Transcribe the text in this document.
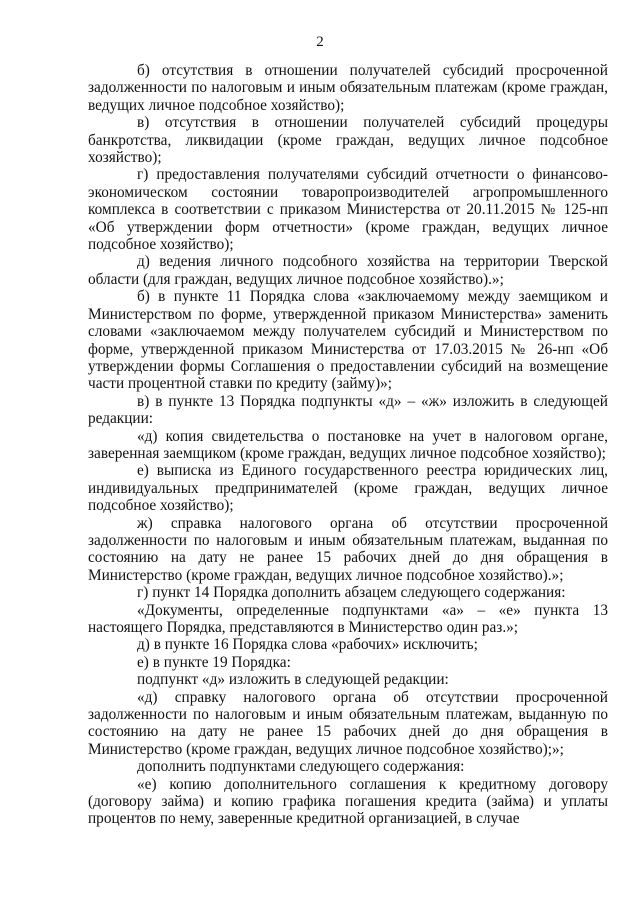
2

б) отсутствия в отношении получателей субсидий просроченной задолженности по налоговым и иным обязательным платежам (кроме граждан, ведущих личное подсобное хозяйство);

в) отсутствия в отношении получателей субсидий процедуры банкротства, ликвидации (кроме граждан, ведущих личное подсобное хозяйство);

г) предоставления получателями субсидий отчетности о финансово-экономическом состоянии товаропроизводителей агропромышленного комплекса в соответствии с приказом Министерства от 20.11.2015 № 125-нп «Об утверждении форм отчетности» (кроме граждан, ведущих личное подсобное хозяйство);

д) ведения личного подсобного хозяйства на территории Тверской области (для граждан, ведущих личное подсобное хозяйство).»;

б) в пункте 11 Порядка слова «заключаемому между заемщиком и Министерством по форме, утвержденной приказом Министерства» заменить словами «заключаемом между получателем субсидий и Министерством по форме, утвержденной приказом Министерства от 17.03.2015 № 26-нп «Об утверждении формы Соглашения о предоставлении субсидий на возмещение части процентной ставки по кредиту (займу)»;

в) в пункте 13 Порядка подпункты «д» – «ж» изложить в следующей редакции:

«д) копия свидетельства о постановке на учет в налоговом органе, заверенная заемщиком (кроме граждан, ведущих личное подсобное хозяйство);

е) выписка из Единого государственного реестра юридических лиц, индивидуальных предпринимателей (кроме граждан, ведущих личное подсобное хозяйство);

ж) справка налогового органа об отсутствии просроченной задолженности по налоговым и иным обязательным платежам, выданная по состоянию на дату не ранее 15 рабочих дней до дня обращения в Министерство (кроме граждан, ведущих личное подсобное хозяйство).»;

г) пункт 14 Порядка дополнить абзацем следующего содержания:

«Документы, определенные подпунктами «а» – «е» пункта 13 настоящего Порядка, представляются в Министерство один раз.»;

д) в пункте 16 Порядка слова «рабочих» исключить;

е) в пункте 19 Порядка:

подпункт «д» изложить в следующей редакции:

«д) справку налогового органа об отсутствии просроченной задолженности по налоговым и иным обязательным платежам, выданную по состоянию на дату не ранее 15 рабочих дней до дня обращения в Министерство (кроме граждан, ведущих личное подсобное хозяйство);»;

дополнить подпунктами следующего содержания:

«е) копию дополнительного соглашения к кредитному договору (договору займа) и копию графика погашения кредита (займа) и уплаты процентов по нему, заверенные кредитной организацией, в случае
